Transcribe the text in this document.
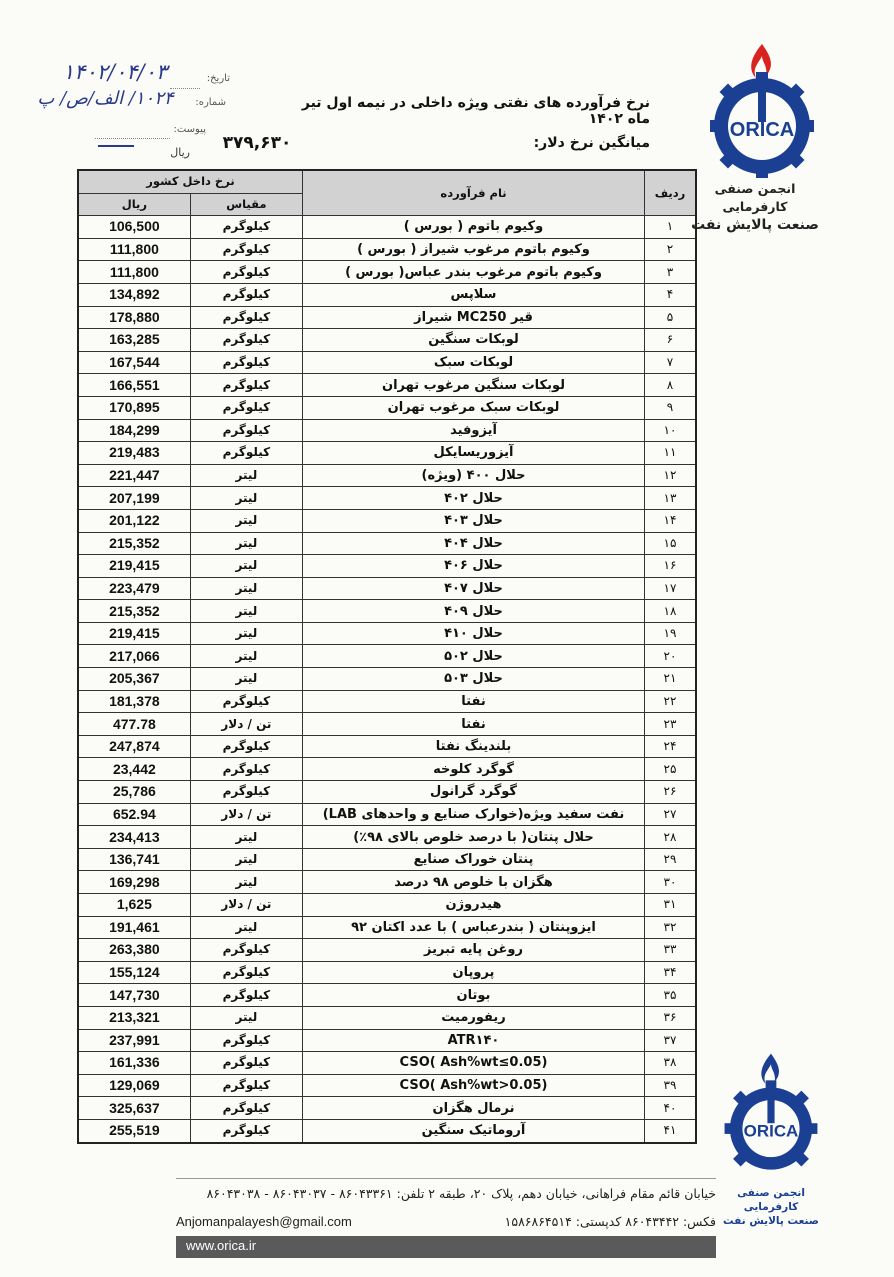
ORICA
انجمن صنفی کارفرمایی
صنعت پالایش نفت
نرخ فرآورده های نفتی ویژه داخلی در نیمه اول تیر ماه ۱۴۰۲
میانگین نرخ دلار:
۳۷۹,۶۳۰
ریال
تاریخ:
شماره:
پیوست:
۱۴۰۲/۰۴/۰۳
۱۰۲۴/ الف/ص/ پ
ردیف	نام فرآورده	نرخ داخل کشور	
		مقیاس	ریال
۱	وکیوم باتوم ( بورس )	کیلوگرم	106,500
۲	وکیوم باتوم مرغوب شیراز ( بورس )	کیلوگرم	111,800
۳	وکیوم باتوم مرغوب بندر عباس( بورس )	کیلوگرم	111,800
۴	سلاپس	کیلوگرم	134,892
۵	قیر MC250 شیراز	کیلوگرم	178,880
۶	لوبکات سنگین	کیلوگرم	163,285
۷	لوبکات سبک	کیلوگرم	167,544
۸	لوبکات سنگین مرغوب تهران	کیلوگرم	166,551
۹	لوبکات سبک مرغوب تهران	کیلوگرم	170,895
۱۰	آیزوفید	کیلوگرم	184,299
۱۱	آیزوریسایکل	کیلوگرم	219,483
۱۲	حلال ۴۰۰ (ویژه)	لیتر	221,447
۱۳	حلال ۴۰۲	لیتر	207,199
۱۴	حلال ۴۰۳	لیتر	201,122
۱۵	حلال ۴۰۴	لیتر	215,352
۱۶	حلال ۴۰۶	لیتر	219,415
۱۷	حلال ۴۰۷	لیتر	223,479
۱۸	حلال ۴۰۹	لیتر	215,352
۱۹	حلال ۴۱۰	لیتر	219,415
۲۰	حلال ۵۰۲	لیتر	217,066
۲۱	حلال ۵۰۳	لیتر	205,367
۲۲	نفتا	کیلوگرم	181,378
۲۳	نفتا	تن / دلار	477.78
۲۴	بلندینگ نفتا	کیلوگرم	247,874
۲۵	گوگرد کلوخه	کیلوگرم	23,442
۲۶	گوگرد گرانول	کیلوگرم	25,786
۲۷	نفت سفید ویژه(خوارک صنایع و واحدهای LAB)	تن / دلار	652.94
۲۸	حلال پنتان( با درصد خلوص بالای ۹۸٪)	لیتر	234,413
۲۹	پنتان خوراک صنایع	لیتر	136,741
۳۰	هگزان با خلوص ۹۸ درصد	لیتر	169,298
۳۱	هیدروژن	تن / دلار	1,625
۳۲	ایزوپنتان ( بندرعباس ) با عدد اکتان ۹۲	لیتر	191,461
۳۳	روغن پایه تبریز	کیلوگرم	263,380
۳۴	پروپان	کیلوگرم	155,124
۳۵	بوتان	کیلوگرم	147,730
۳۶	ریفورمیت	لیتر	213,321
۳۷	ATR۱۴۰	کیلوگرم	237,991
۳۸	(Ash%wt≤0.05 )CSO	کیلوگرم	161,336
۳۹	(Ash%wt>0.05 )CSO	کیلوگرم	129,069
۴۰	نرمال هگزان	کیلوگرم	325,637
۴۱	آروماتیک سنگین	کیلوگرم	255,519	ORICA
انجمن صنفی کارفرمایی
صنعت پالایش نفت
خیابان قائم مقام فراهانی، خیابان دهم، پلاک ۲۰، طبقه ۲ تلفن: ۸۶۰۴۳۳۶۱ - ۸۶۰۴۳۰۳۷ - ۸۶۰۴۳۰۳۸
Anjomanpalayesh@gmail.com	فکس: ۸۶۰۴۳۴۴۲ کدپستی: ۱۵۸۶۸۶۴۵۱۴
www.orica.ir
